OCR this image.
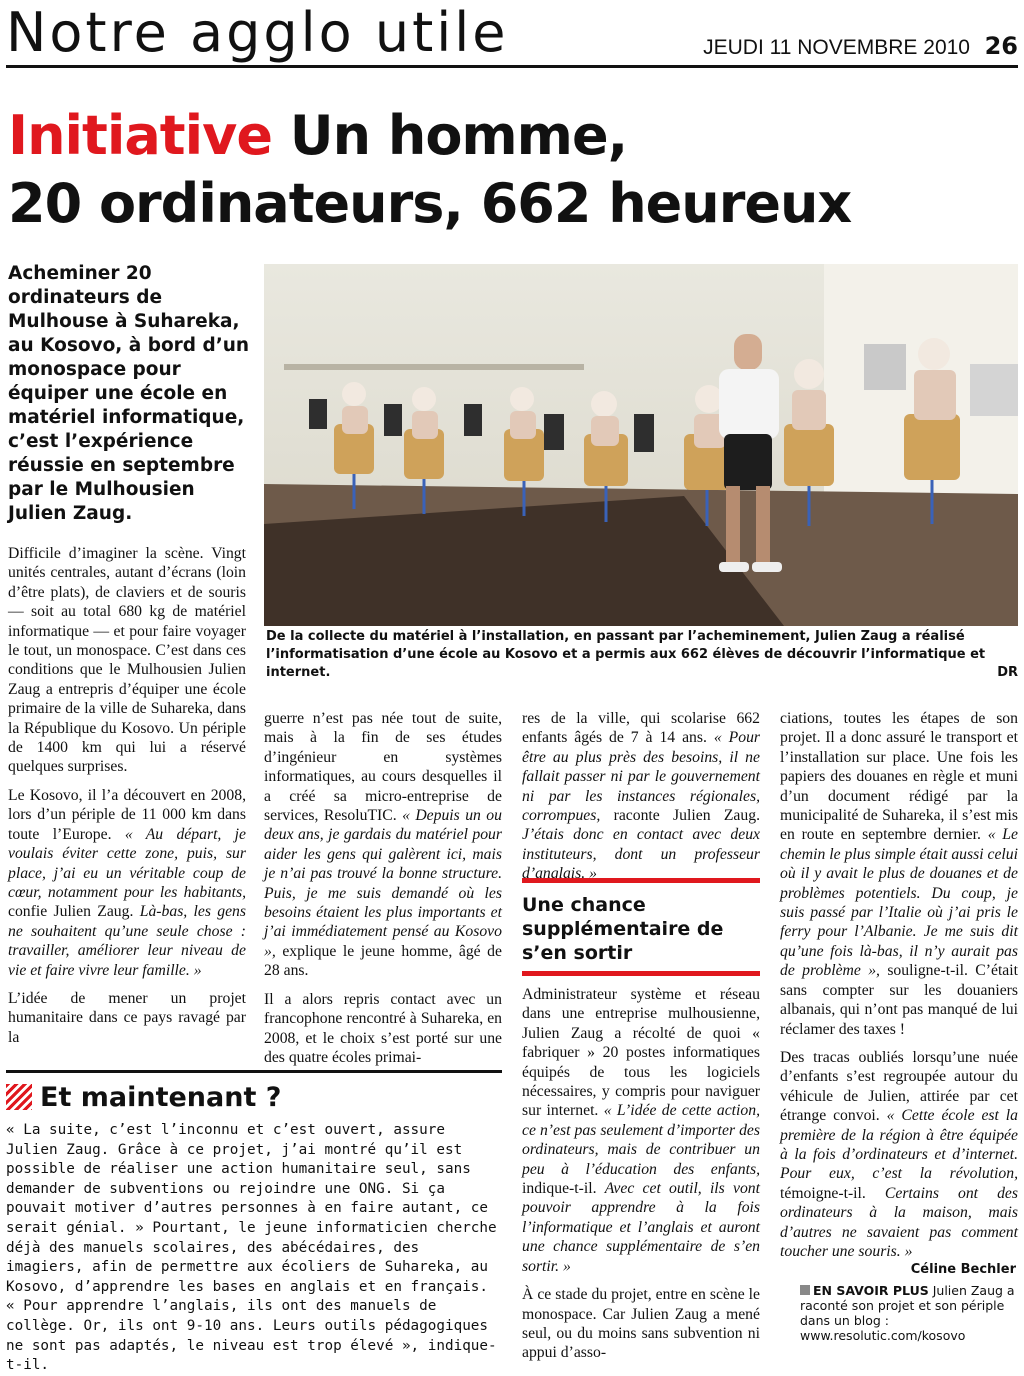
Notre agglo utile	JEUDI 11 NOVEMBRE 2010 26
Initiative Un homme,
20 ordinateurs, 662 heureux
Acheminer 20 ordinateurs de Mulhouse à Suhareka, au Kosovo, à bord d’un monospace pour équiper une école en matériel informatique, c’est l’expérience réussie en septembre par le Mulhousien Julien Zaug.
De la collecte du matériel à l’installation, en passant par l’acheminement, Julien Zaug a réalisé l’informatisation d’une école au Kosovo et a permis aux 662 élèves de découvrir l’informatique et internet.	DR

Difficile d’imaginer la scène. Vingt unités centrales, autant d’écrans (loin d’être plats), de claviers et de souris — soit au total 680 kg de matériel informatique — et pour faire voyager le tout, un monospace. C’est dans ces conditions que le Mulhousien Julien Zaug a entrepris d’équiper une école primaire de la ville de Suhareka, dans la République du Kosovo. Un périple de 1400 km qui lui a réservé quelques surprises.

Le Kosovo, il l’a découvert en 2008, lors d’un périple de 11 000 km dans toute l’Europe. « Au départ, je voulais éviter cette zone, puis, sur place, j’ai eu un véritable coup de cœur, notamment pour les habitants, confie Julien Zaug. Là-bas, les gens ne souhaitent qu’une seule chose : travailler, améliorer leur niveau de vie et faire vivre leur famille. »

L’idée de mener un projet humanitaire dans ce pays ravagé par la

guerre n’est pas née tout de suite, mais à la fin de ses études d’ingénieur en systèmes informatiques, au cours desquelles il a créé sa micro-entreprise de services, ResoluTIC. « Depuis un ou deux ans, je gardais du matériel pour aider les gens qui galèrent ici, mais je n’ai pas trouvé la bonne structure. Puis, je me suis demandé où les besoins étaient les plus importants et j’ai immédiatement pensé au Kosovo », explique le jeune homme, âgé de 28 ans.

Il a alors repris contact avec un francophone rencontré à Suhareka, en 2008, et le choix s’est porté sur une des quatre écoles primai-

res de la ville, qui scolarise 662 enfants âgés de 7 à 14 ans. « Pour être au plus près des besoins, il ne fallait passer ni par le gouvernement ni par les instances régionales, corrompues, raconte Julien Zaug. J’étais donc en contact avec deux instituteurs, dont un professeur d’anglais. »

Une chance supplémentaire de s’en sortir

Administrateur système et réseau dans une entreprise mulhousienne, Julien Zaug a récolté de quoi « fabriquer » 20 postes informatiques équipés de tous les logiciels nécessaires, y compris pour naviguer sur internet. « L’idée de cette action, ce n’est pas seulement d’importer des ordinateurs, mais de contribuer un peu à l’éducation des enfants, indique-t-il. Avec cet outil, ils vont pouvoir apprendre à la fois l’informatique et l’anglais et auront une chance supplémentaire de s’en sortir. »

À ce stade du projet, entre en scène le monospace. Car Julien Zaug a mené seul, ou du moins sans subvention ni appui d’asso-

ciations, toutes les étapes de son projet. Il a donc assuré le transport et l’installation sur place. Une fois les papiers des douanes en règle et muni d’un document rédigé par la municipalité de Suhareka, il s’est mis en route en septembre dernier. « Le chemin le plus simple était aussi celui où il y avait le plus de douanes et de problèmes potentiels. Du coup, je suis passé par l’Italie où j’ai pris le ferry pour l’Albanie. Je me suis dit qu’une fois là-bas, il n’y aurait pas de problème », souligne-t-il. C’était sans compter sur les douaniers albanais, qui n’ont pas manqué de lui réclamer des taxes !

Des tracas oubliés lorsqu’une nuée d’enfants s’est regroupée autour du véhicule de Julien, attirée par cet étrange convoi. « Cette école est la première de la région à être équipée à la fois d’ordinateurs et d’internet. Pour eux, c’est la révolution, témoigne-t-il. Certains ont des ordinateurs à la maison, mais d’autres ne savaient pas comment toucher une souris. »

Céline Bechler
EN SAVOIR PLUS Julien Zaug a raconté son projet et son périple dans un blog : www.resolutic.com/kosovo
Et maintenant ?
« La suite, c’est l’inconnu et c’est ouvert, assure Julien Zaug. Grâce à ce projet, j’ai montré qu’il est possible de réaliser une action humanitaire seul, sans demander de subventions ou rejoindre une ONG. Si ça pouvait motiver d’autres personnes à en faire autant, ce serait génial. » Pourtant, le jeune informaticien cherche déjà des manuels scolaires, des abécédaires, des imagiers, afin de permettre aux écoliers de Suhareka, au Kosovo, d’apprendre les bases en anglais et en français. « Pour apprendre l’anglais, ils ont des manuels de collège. Or, ils ont 9-10 ans. Leurs outils pédagogiques ne sont pas adaptés, le niveau est trop élevé », indique-t-il.
